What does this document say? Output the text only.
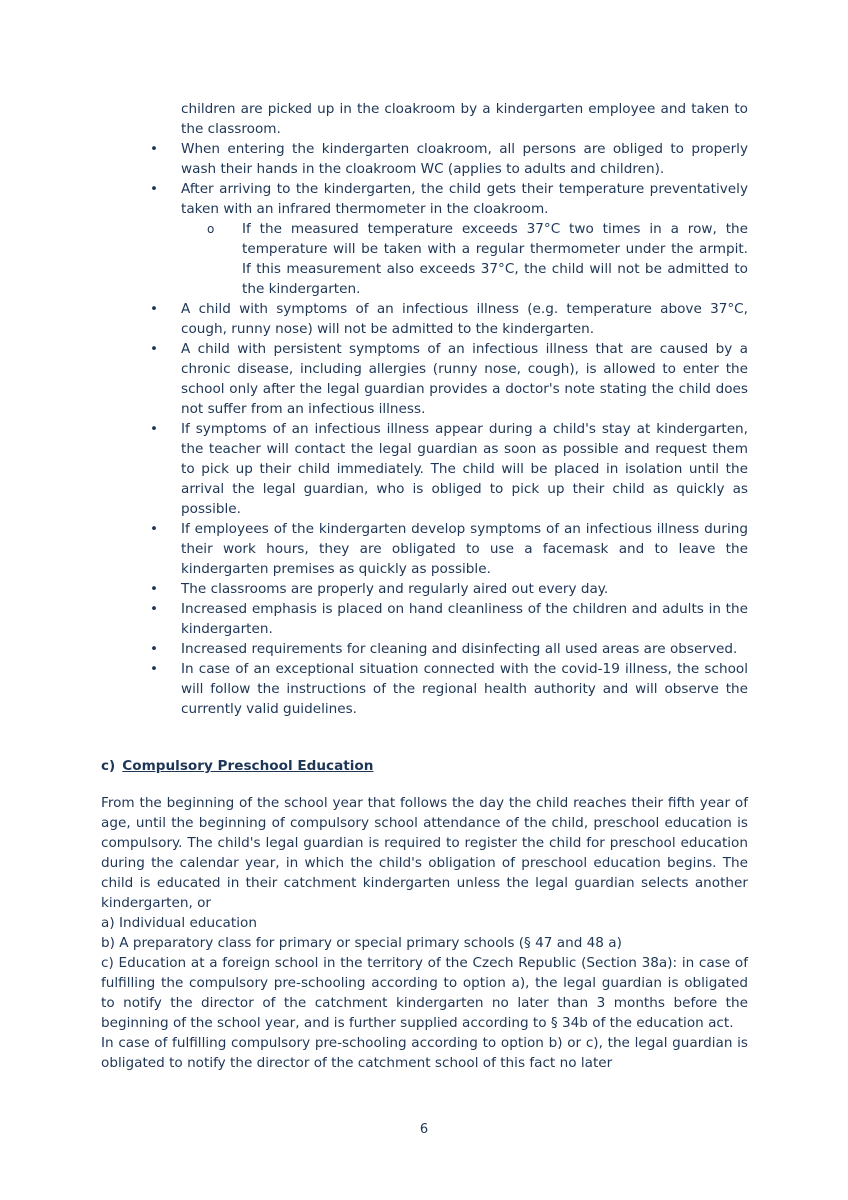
children are picked up in the cloakroom by a kindergarten employee and taken to the classroom.
• When entering the kindergarten cloakroom, all persons are obliged to properly wash their hands in the cloakroom WC (applies to adults and children).
• After arriving to the kindergarten, the child gets their temperature preventatively taken with an infrared thermometer in the cloakroom.
o If the measured temperature exceeds 37°C two times in a row, the temperature will be taken with a regular thermometer under the armpit. If this measurement also exceeds 37°C, the child will not be admitted to the kindergarten.
• A child with symptoms of an infectious illness (e.g. temperature above 37°C, cough, runny nose) will not be admitted to the kindergarten.
• A child with persistent symptoms of an infectious illness that are caused by a chronic disease, including allergies (runny nose, cough), is allowed to enter the school only after the legal guardian provides a doctor's note stating the child does not suffer from an infectious illness.
• If symptoms of an infectious illness appear during a child's stay at kindergarten, the teacher will contact the legal guardian as soon as possible and request them to pick up their child immediately. The child will be placed in isolation until the arrival the legal guardian, who is obliged to pick up their child as quickly as possible.
• If employees of the kindergarten develop symptoms of an infectious illness during their work hours, they are obligated to use a facemask and to leave the kindergarten premises as quickly as possible.
• The classrooms are properly and regularly aired out every day.
• Increased emphasis is placed on hand cleanliness of the children and adults in the kindergarten.
• Increased requirements for cleaning and disinfecting all used areas are observed.
• In case of an exceptional situation connected with the covid-19 illness, the school will follow the instructions of the regional health authority and will observe the currently valid guidelines.
c) Compulsory Preschool Education

From the beginning of the school year that follows the day the child reaches their fifth year of age, until the beginning of compulsory school attendance of the child, preschool education is compulsory. The child's legal guardian is required to register the child for preschool education during the calendar year, in which the child's obligation of preschool education begins. The child is educated in their catchment kindergarten unless the legal guardian selects another kindergarten, or

a) Individual education

b) A preparatory class for primary or special primary schools (§ 47 and 48 a)

c) Education at a foreign school in the territory of the Czech Republic (Section 38a): in case of fulfilling the compulsory pre-schooling according to option a), the legal guardian is obligated to notify the director of the catchment kindergarten no later than 3 months before the beginning of the school year, and is further supplied according to § 34b of the education act.

In case of fulfilling compulsory pre-schooling according to option b) or c), the legal guardian is obligated to notify the director of the catchment school of this fact no later

6
